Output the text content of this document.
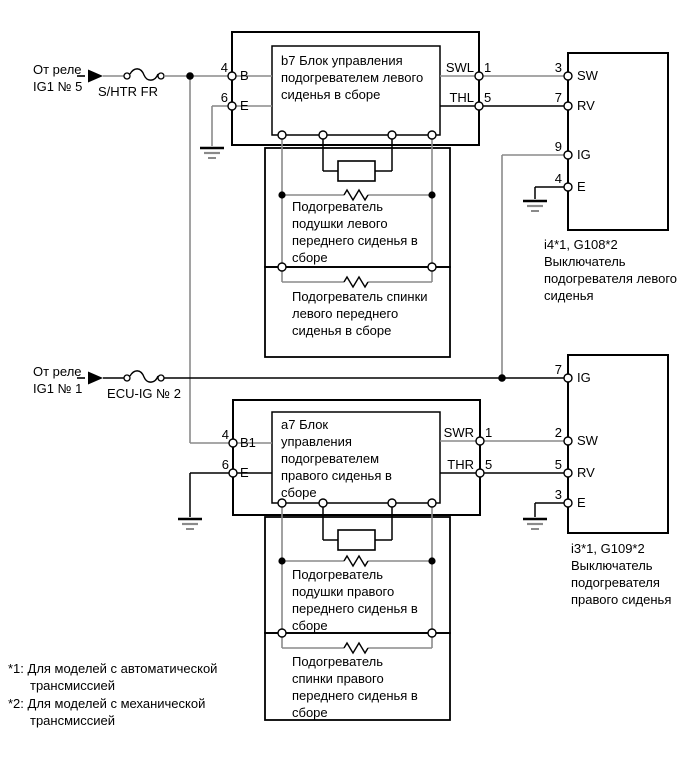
От реле
IG1 № 5	S/HTR FR
От реле
IG1 № 1	ECU-IG № 2
b7 Блок управления подогревателем левого сиденья в сборе
4
B
6
E
SWL 1
THL 5
Подогреватель подушки левого переднего сиденья в сборе
Подогреватель спинки левого переднего сиденья в сборе
3
SW
7
RV
9
IG
4
E
i4*1, G108*2
Выключатель подогревателя левого сиденья
а7 Блок управления подогревателем правого сиденья в сборе
4
B1
6
E
SWR 1
THR 5
Подогреватель подушки правого переднего сиденья в сборе
Подогреватель спинки правого переднего сиденья в сборе
7
IG
2
SW
5
RV
3
E
i3*1, G109*2
Выключатель подогревателя правого сиденья
*1: Для моделей с автоматической трансмиссией
*2: Для моделей с механической трансмиссией
